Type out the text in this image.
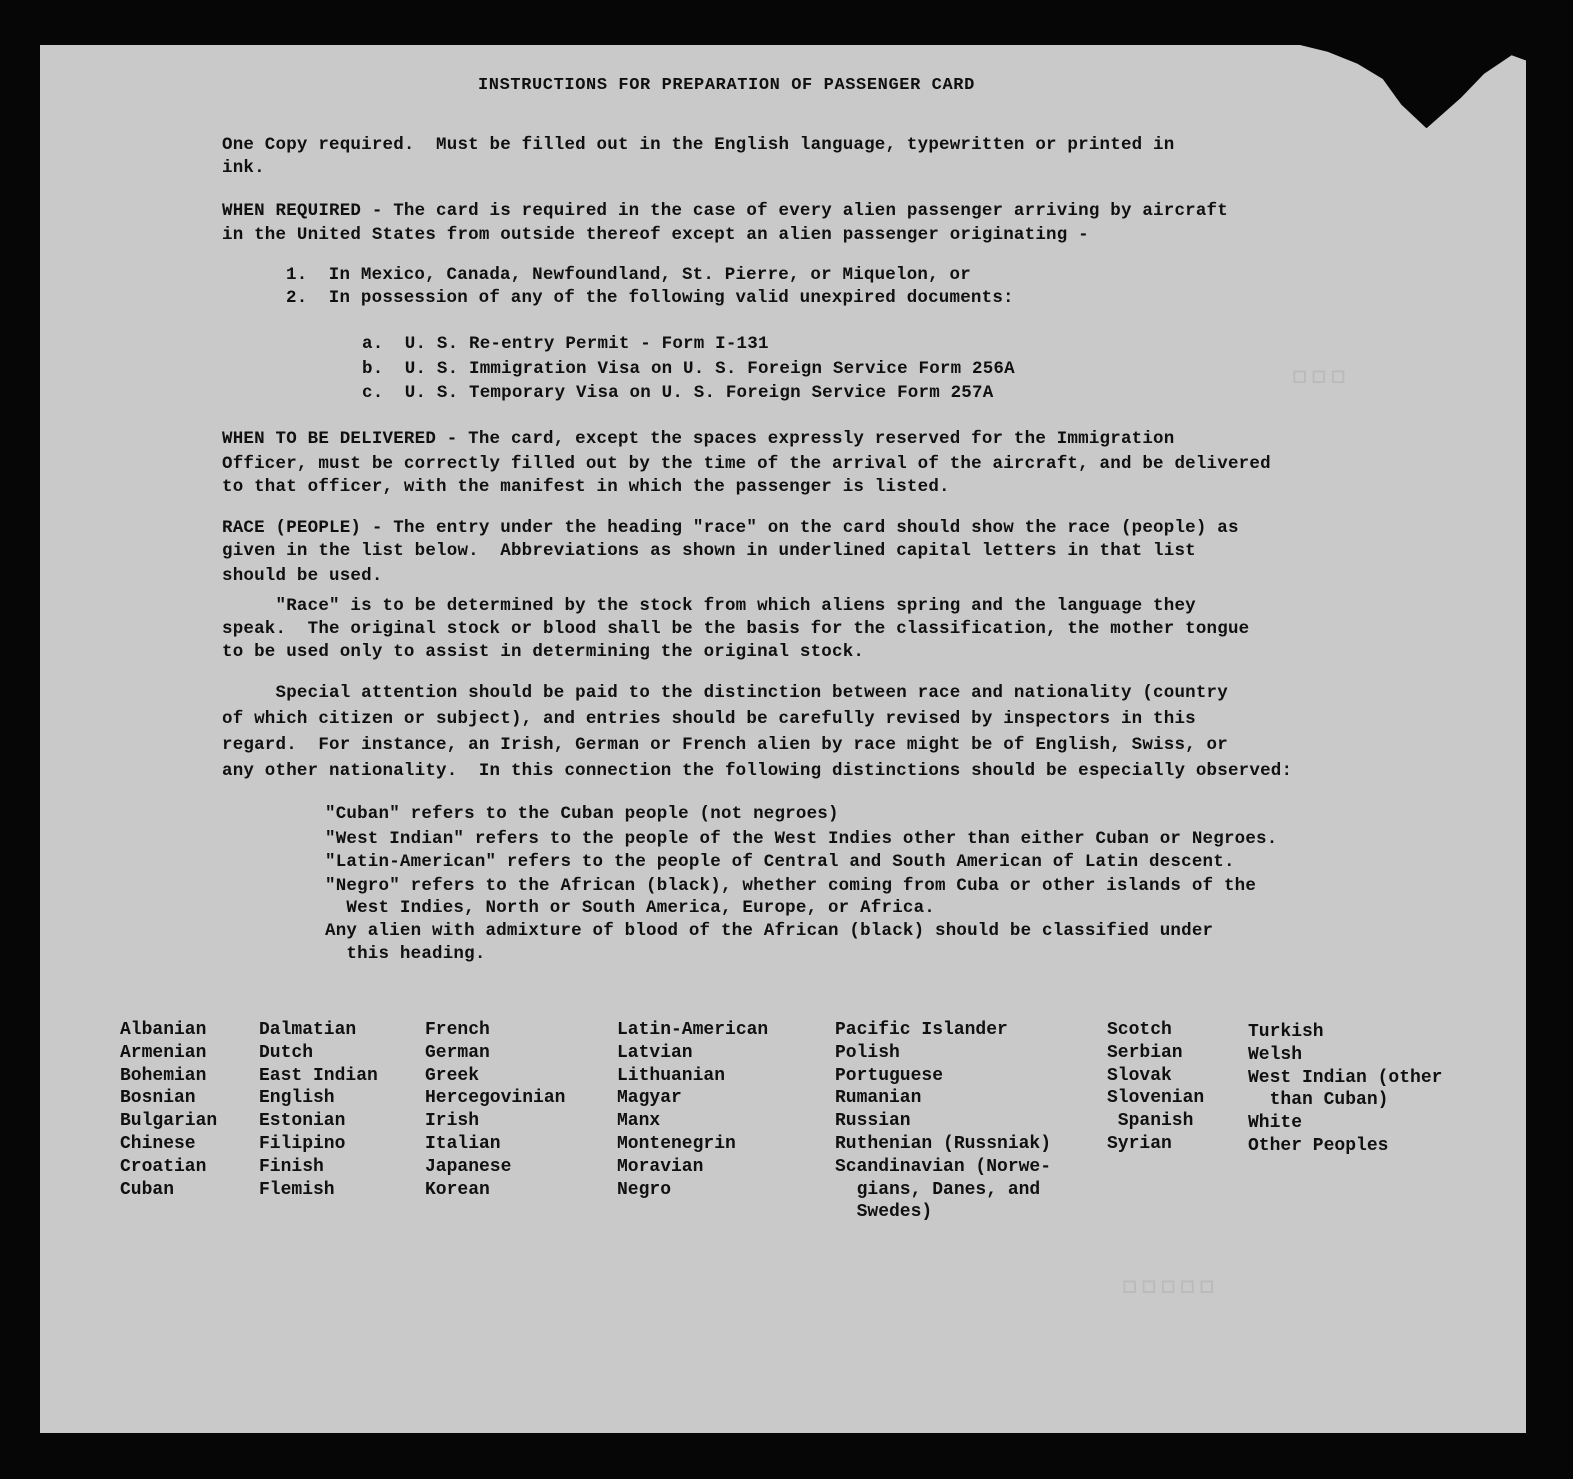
▫▫▫
▫▫▫▫▫
INSTRUCTIONS FOR PREPARATION OF PASSENGER CARD
One Copy required.  Must be filled out in the English language, typewritten or printed in
ink.
WHEN REQUIRED - The card is required in the case of every alien passenger arriving by aircraft
in the United States from outside thereof except an alien passenger originating -
1.  In Mexico, Canada, Newfoundland, St. Pierre, or Miquelon, or
2.  In possession of any of the following valid unexpired documents:
a.  U. S. Re-entry Permit - Form I-131
b.  U. S. Immigration Visa on U. S. Foreign Service Form 256A
c.  U. S. Temporary Visa on U. S. Foreign Service Form 257A
WHEN TO BE DELIVERED - The card, except the spaces expressly reserved for the Immigration
Officer, must be correctly filled out by the time of the arrival of the aircraft, and be delivered
to that officer, with the manifest in which the passenger is listed.
RACE (PEOPLE) - The entry under the heading "race" on the card should show the race (people) as
given in the list below.  Abbreviations as shown in underlined capital letters in that list
should be used.
"Race" is to be determined by the stock from which aliens spring and the language they
speak.  The original stock or blood shall be the basis for the classification, the mother tongue
to be used only to assist in determining the original stock.
Special attention should be paid to the distinction between race and nationality (country
of which citizen or subject), and entries should be carefully revised by inspectors in this
regard.  For instance, an Irish, German or French alien by race might be of English, Swiss, or
any other nationality.  In this connection the following distinctions should be especially observed:
"Cuban" refers to the Cuban people (not negroes)
"West Indian" refers to the people of the West Indies other than either Cuban or Negroes.
"Latin-American" refers to the people of Central and South American of Latin descent.
"Negro" refers to the African (black), whether coming from Cuba or other islands of the
West Indies, North or South America, Europe, or Africa.
Any alien with admixture of blood of the African (black) should be classified under
this heading.
Albanian
Armenian
Bohemian
Bosnian
Bulgarian
Chinese
Croatian
Cuban
Dalmatian
Dutch
East Indian
English
Estonian
Filipino
Finish
Flemish
French
German
Greek
Hercegovinian
Irish
Italian
Japanese
Korean
Latin-American
Latvian
Lithuanian
Magyar
Manx
Montenegrin
Moravian
Negro
Pacific Islander
Polish
Portuguese
Rumanian
Russian
Ruthenian (Russniak)
Scandinavian (Norwe-
gians, Danes, and
Swedes)
Scotch
Serbian
Slovak
Slovenian
Spanish
Syrian
Turkish
Welsh
West Indian (other
than Cuban)
White
Other Peoples
